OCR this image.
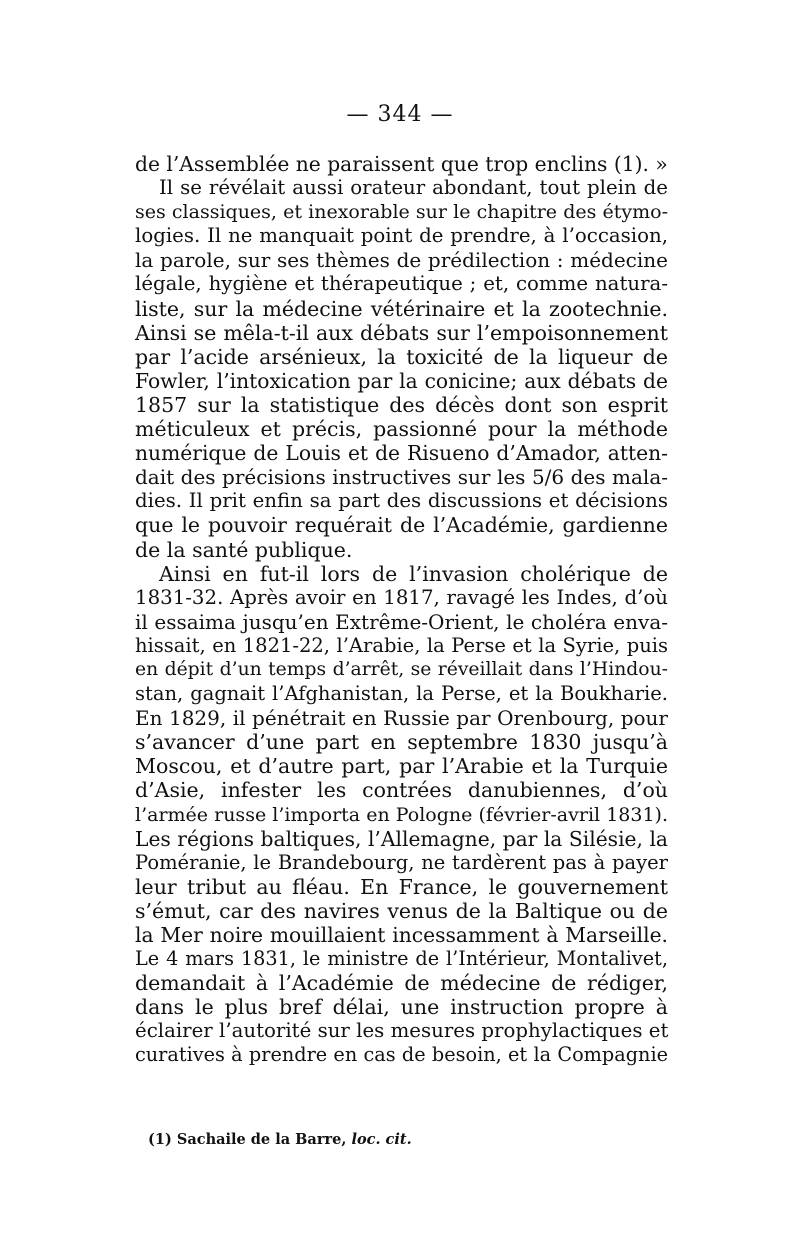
— 344 —
de l’Assemblée ne paraissent que trop enclins (1). »
Il se révélait aussi orateur abondant, tout plein de
ses classiques, et inexorable sur le chapitre des étymo-
logies. Il ne manquait point de prendre, à l’occasion,
la parole, sur ses thèmes de prédilection : médecine
légale, hygiène et thérapeutique ; et, comme natura-
liste, sur la médecine vétérinaire et la zootechnie.
Ainsi se mêla-t-il aux débats sur l’empoisonnement
par l’acide arsénieux, la toxicité de la liqueur de
Fowler, l’intoxication par la conicine; aux débats de
1857 sur la statistique des décès dont son esprit
méticuleux et précis, passionné pour la méthode
numérique de Louis et de Risueno d’Amador, atten-
dait des précisions instructives sur les 5/6 des mala-
dies. Il prit enfin sa part des discussions et décisions
que le pouvoir requérait de l’Académie, gardienne
de la santé publique.
Ainsi en fut-il lors de l’invasion cholérique de
1831-32. Après avoir en 1817, ravagé les Indes, d’où
il essaima jusqu’en Extrême-Orient, le choléra enva-
hissait, en 1821-22, l’Arabie, la Perse et la Syrie, puis
en dépit d’un temps d’arrêt, se réveillait dans l’Hindou-
stan, gagnait l’Afghanistan, la Perse, et la Boukharie.
En 1829, il pénétrait en Russie par Orenbourg, pour
s’avancer d’une part en septembre 1830 jusqu’à
Moscou, et d’autre part, par l’Arabie et la Turquie
d’Asie, infester les contrées danubiennes, d’où
l’armée russe l’importa en Pologne (février-avril 1831).
Les régions baltiques, l’Allemagne, par la Silésie, la
Poméranie, le Brandebourg, ne tardèrent pas à payer
leur tribut au fléau. En France, le gouvernement
s’émut, car des navires venus de la Baltique ou de
la Mer noire mouillaient incessamment à Marseille.
Le 4 mars 1831, le ministre de l’Intérieur, Montalivet,
demandait à l’Académie de médecine de rédiger,
dans le plus bref délai, une instruction propre à
éclairer l’autorité sur les mesures prophylactiques et
curatives à prendre en cas de besoin, et la Compagnie
(1) Sachaile de la Barre, loc. cit.
